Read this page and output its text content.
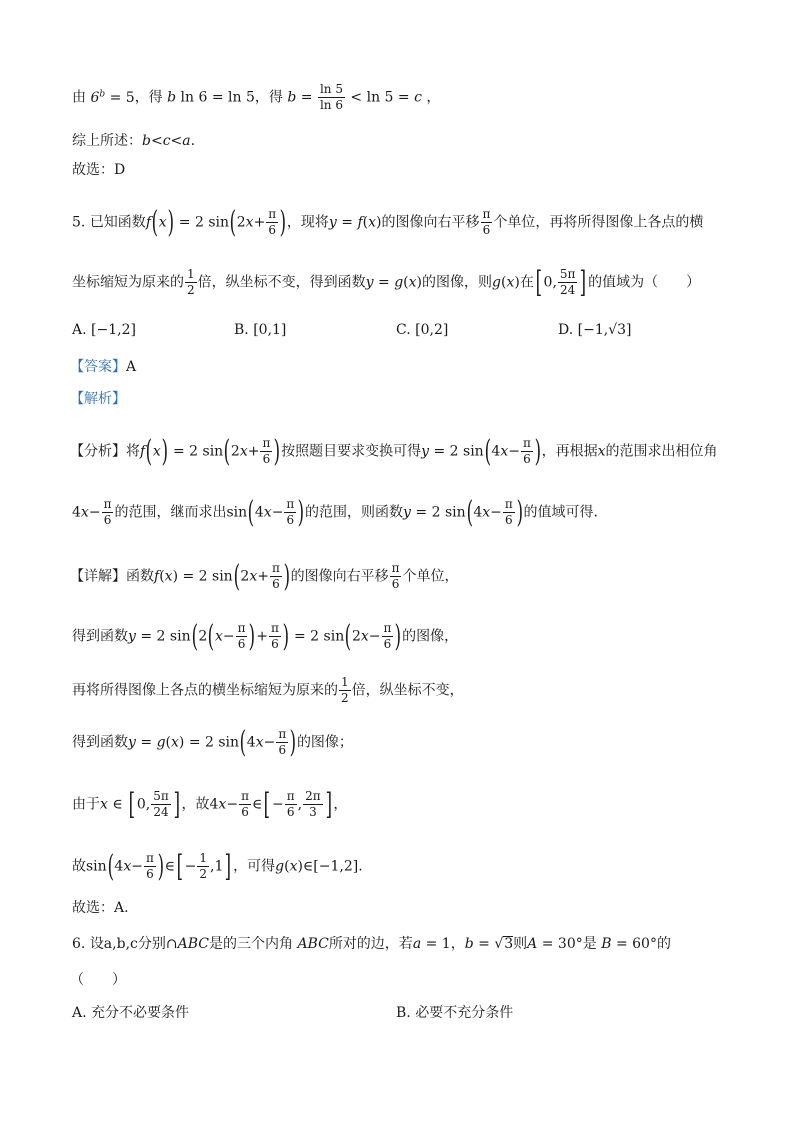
由 $6^b = 5$，得 b ln 6 = ln 5，得 $b = \frac{\ln 5}{\ln 6} < \ln 5 = c$ ，
综上所述：b<c<a.
故选：D
5. 已知函数f(x) = 2 $\sin(2x+ \frac{\pi}{6}$ )，现将y = f(x)的图像向右平移 $\frac{\pi}{6}$ 个单位，再将所得图像上各点的横
坐标缩短为原来的 $\frac{1}{2}$ 倍，纵坐标不变，得到函数y = g(x)的图像，则g(x)在[ 0, $\frac{5\pi}{24}$ ] 的值域为（　　）
A. [−1,2]	B. [0,1]	C. [0,2]	D. [−1,√3]
【答案】A
【解析】
【分析】将f(x) = 2 $\sin(2x+ \frac{\pi}{6}$ )按照题目要求变换可得y = 2 $\sin(4x- \frac{\pi}{6}$ )，再根据x的范围求出相位角
$4x- \frac{\pi}{6}$ 的范围，继而求出$\sin(4x- \frac{\pi}{6}$ )的范围，则函数y = 2 $\sin(4x- \frac{\pi}{6}$ )的值域可得.
【详解】函数f(x) = 2 $\sin(2x+ \frac{\pi}{6}$ )的图像向右平移 $\frac{\pi}{6}$ 个单位，
得到函数y = 2 $\sin(2(x- \frac{\pi}{6}$ )+ $\frac{\pi}{6}$ ) = 2 $\sin(2x- \frac{\pi}{6}$ )的图像，
再将所得图像上各点的横坐标缩短为原来的 $\frac{1}{2}$ 倍，纵坐标不变，
得到函数y = g(x) = 2 $\sin(4x- \frac{\pi}{6}$ )的图像；
由于x ∈ [ 0, $\frac{5\pi}{24}$ ] ，故$4x- \frac{\pi}{6}$ ∈[ − $\frac{\pi}{6}$ , $\frac{2\pi}{3}$ ] ，
故$\sin(4x- \frac{\pi}{6}$ )∈[ − $\frac{1}{2} ,1$] ，可得g(x)∈[−1,2].
故选：A.
6. 设a,b,c分别∩ABC是的三个内角 ABC所对的边，若a = 1，b = √3则A = 30°是 B = 60°的
（　　）
A. 充分不必要条件	B. 必要不充分条件
